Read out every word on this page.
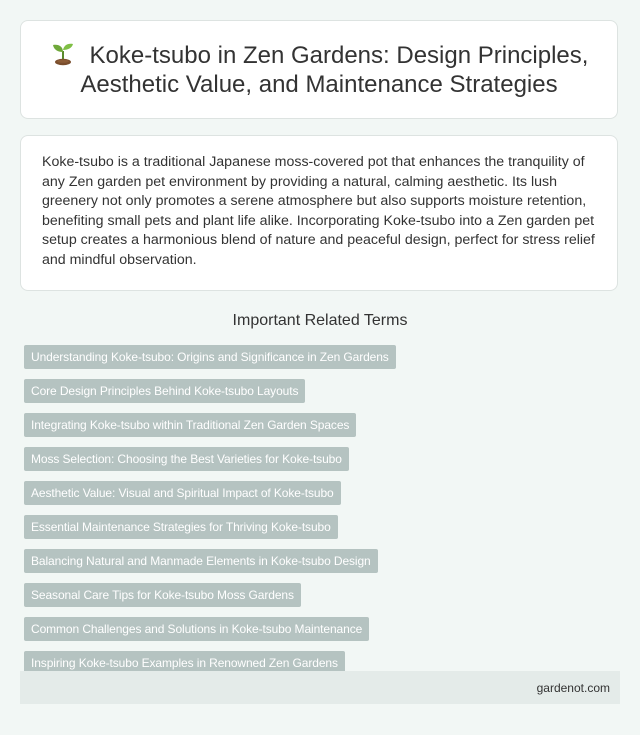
Koke-tsubo in Zen Gardens: Design Principles, Aesthetic Value, and Maintenance Strategies

Koke-tsubo is a traditional Japanese moss-covered pot that enhances the tranquility of any Zen garden pet environment by providing a natural, calming aesthetic. Its lush greenery not only promotes a serene atmosphere but also supports moisture retention, benefiting small pets and plant life alike. Incorporating Koke-tsubo into a Zen garden pet setup creates a harmonious blend of nature and peaceful design, perfect for stress relief and mindful observation.

Important Related Terms
Understanding Koke-tsubo: Origins and Significance in Zen Gardens
Core Design Principles Behind Koke-tsubo Layouts
Integrating Koke-tsubo within Traditional Zen Garden Spaces
Moss Selection: Choosing the Best Varieties for Koke-tsubo
Aesthetic Value: Visual and Spiritual Impact of Koke-tsubo
Essential Maintenance Strategies for Thriving Koke-tsubo
Balancing Natural and Manmade Elements in Koke-tsubo Design
Seasonal Care Tips for Koke-tsubo Moss Gardens
Common Challenges and Solutions in Koke-tsubo Maintenance
Inspiring Koke-tsubo Examples in Renowned Zen Gardens
gardenot.com
